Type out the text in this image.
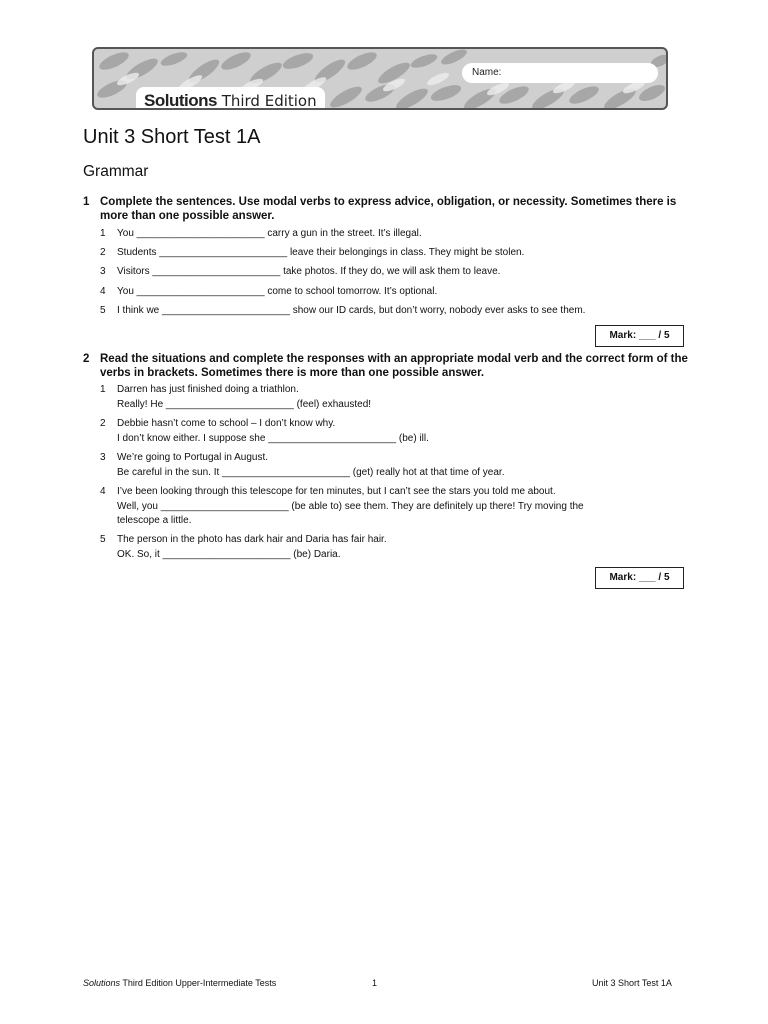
Name:
Solutions Third Edition
Unit 3 Short Test 1A
Grammar
1 Complete the sentences. Use modal verbs to express advice, obligation, or necessity. Sometimes there is more than one possible answer.
1 You _______________________ carry a gun in the street. It’s illegal.
2 Students _______________________ leave their belongings in class. They might be stolen.
3 Visitors _______________________ take photos. If they do, we will ask them to leave.
4 You _______________________ come to school tomorrow. It’s optional.
5 I think we _______________________ show our ID cards, but don’t worry, nobody ever asks to see them.
Mark: ___ / 5
2 Read the situations and complete the responses with an appropriate modal verb and the correct form of the verbs in brackets. Sometimes there is more than one possible answer.
1 Darren has just finished doing a triathlon.
Really! He _______________________ (feel) exhausted!
2 Debbie hasn’t come to school – I don’t know why.
I don’t know either. I suppose she _______________________ (be) ill.
3 We’re going to Portugal in August.
Be careful in the sun. It _______________________ (get) really hot at that time of year.
4 I’ve been looking through this telescope for ten minutes, but I can’t see the stars you told me about.
Well, you _______________________ (be able to) see them. They are definitely up there! Try moving the
telescope a little.
5 The person in the photo has dark hair and Daria has fair hair.
OK. So, it _______________________ (be) Daria.
Mark: ___ / 5
Solutions Third Edition Upper-Intermediate Tests	1	Unit 3 Short Test 1A
